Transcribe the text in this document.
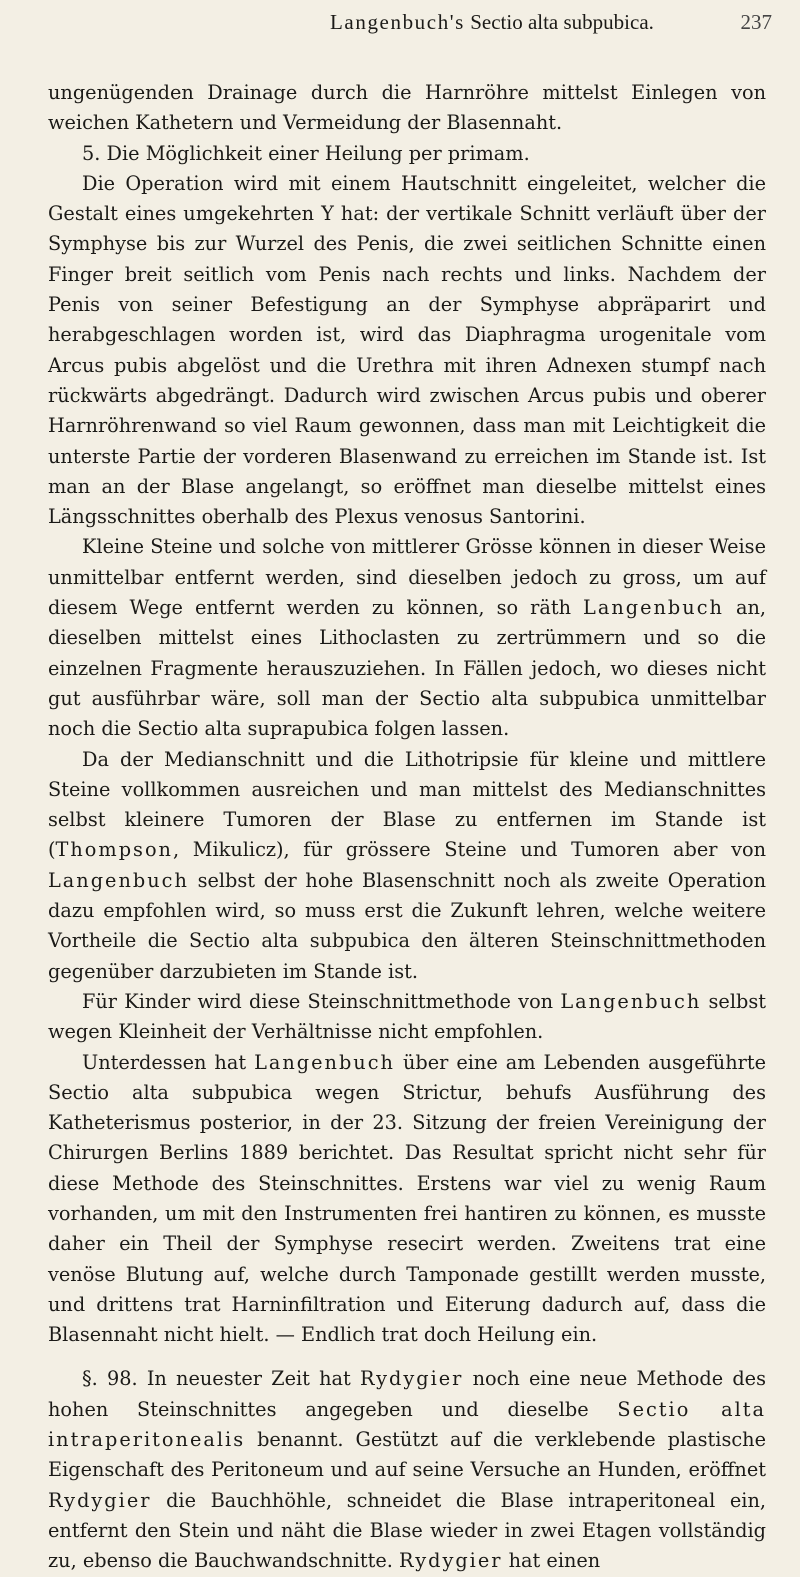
Langenbuch's Sectio alta subpubica.	237

ungenügenden Drainage durch die Harnröhre mittelst Einlegen von weichen Kathetern und Vermeidung der Blasennaht.

5. Die Möglichkeit einer Heilung per primam.

Die Operation wird mit einem Hautschnitt eingeleitet, welcher die Gestalt eines umgekehrten Y hat: der vertikale Schnitt verläuft über der Symphyse bis zur Wurzel des Penis, die zwei seitlichen Schnitte einen Finger breit seitlich vom Penis nach rechts und links. Nachdem der Penis von seiner Befestigung an der Symphyse abpräparirt und herabgeschlagen worden ist, wird das Diaphragma urogenitale vom Arcus pubis abgelöst und die Urethra mit ihren Adnexen stumpf nach rückwärts abgedrängt. Dadurch wird zwischen Arcus pubis und oberer Harnröhrenwand so viel Raum gewonnen, dass man mit Leichtigkeit die unterste Partie der vorderen Blasenwand zu erreichen im Stande ist. Ist man an der Blase angelangt, so eröffnet man dieselbe mittelst eines Längsschnittes oberhalb des Plexus venosus Santorini.

Kleine Steine und solche von mittlerer Grösse können in dieser Weise unmittelbar entfernt werden, sind dieselben jedoch zu gross, um auf diesem Wege entfernt werden zu können, so räth Langenbuch an, dieselben mittelst eines Lithoclasten zu zertrümmern und so die einzelnen Fragmente herauszuziehen. In Fällen jedoch, wo dieses nicht gut ausführbar wäre, soll man der Sectio alta subpubica unmittelbar noch die Sectio alta suprapubica folgen lassen.

Da der Medianschnitt und die Lithotripsie für kleine und mittlere Steine vollkommen ausreichen und man mittelst des Medianschnittes selbst kleinere Tumoren der Blase zu entfernen im Stande ist (Thompson, Mikulicz), für grössere Steine und Tumoren aber von Langenbuch selbst der hohe Blasenschnitt noch als zweite Operation dazu empfohlen wird, so muss erst die Zukunft lehren, welche weitere Vortheile die Sectio alta subpubica den älteren Steinschnittmethoden gegenüber darzubieten im Stande ist.

Für Kinder wird diese Steinschnittmethode von Langenbuch selbst wegen Kleinheit der Verhältnisse nicht empfohlen.

Unterdessen hat Langenbuch über eine am Lebenden ausgeführte Sectio alta subpubica wegen Strictur, behufs Ausführung des Katheterismus posterior, in der 23. Sitzung der freien Vereinigung der Chirurgen Berlins 1889 berichtet. Das Resultat spricht nicht sehr für diese Methode des Steinschnittes. Erstens war viel zu wenig Raum vorhanden, um mit den Instrumenten frei hantiren zu können, es musste daher ein Theil der Symphyse resecirt werden. Zweitens trat eine venöse Blutung auf, welche durch Tamponade gestillt werden musste, und drittens trat Harninfiltration und Eiterung dadurch auf, dass die Blasennaht nicht hielt. — Endlich trat doch Heilung ein.

§. 98. In neuester Zeit hat Rydygier noch eine neue Methode des hohen Steinschnittes angegeben und dieselbe Sectio alta intraperitonealis benannt. Gestützt auf die verklebende plastische Eigenschaft des Peritoneum und auf seine Versuche an Hunden, eröffnet Rydygier die Bauchhöhle, schneidet die Blase intraperitoneal ein, entfernt den Stein und näht die Blase wieder in zwei Etagen vollständig zu, ebenso die Bauchwandschnitte. Rydygier hat einen
